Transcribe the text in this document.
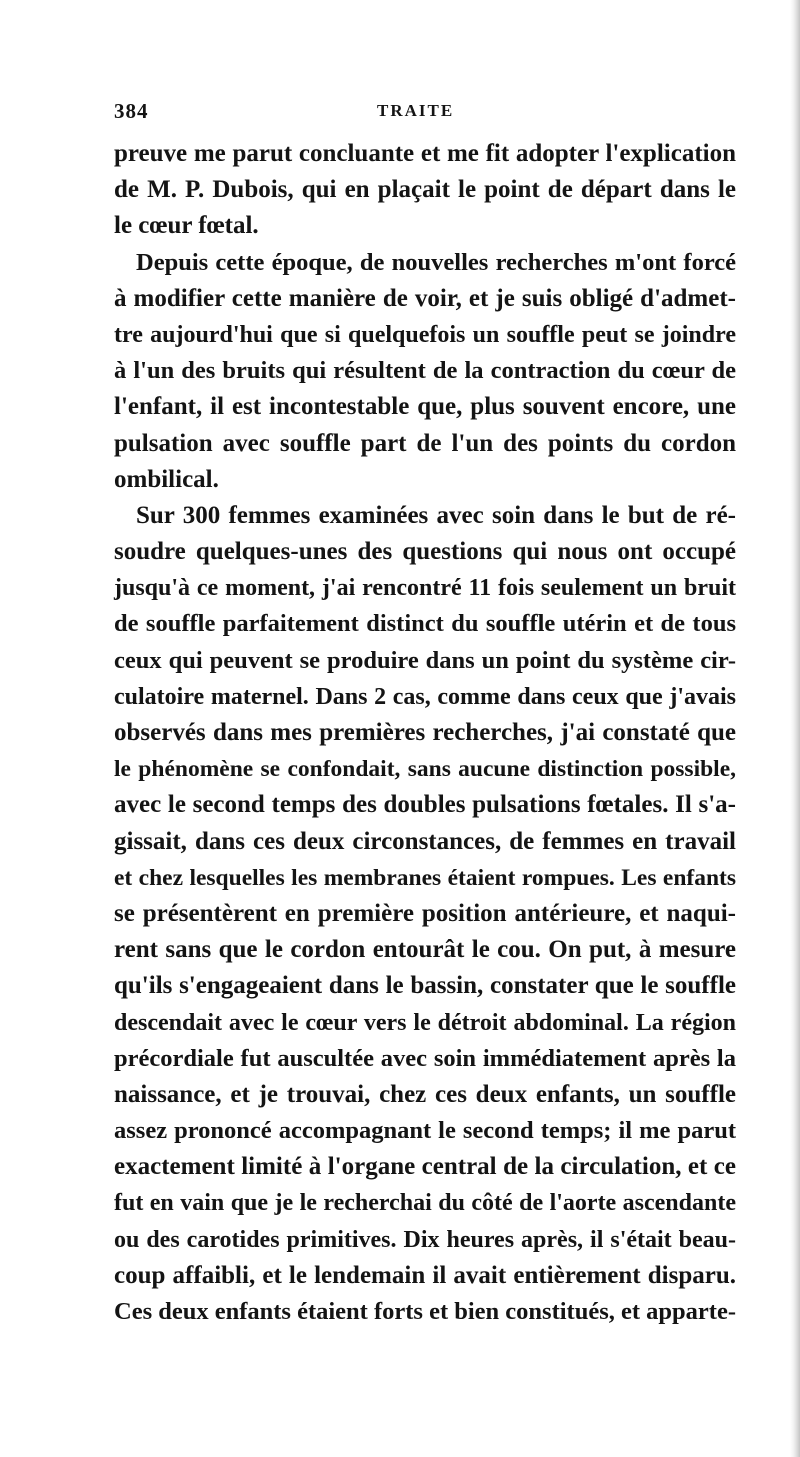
384	TRAITE
preuve me parut concluante et me fit adopter l'explication
de M. P. Dubois, qui en plaçait le point de départ dans le
le cœur fœtal.
Depuis cette époque, de nouvelles recherches m'ont forcé
à modifier cette manière de voir, et je suis obligé d'admet-
tre aujourd'hui que si quelquefois un souffle peut se joindre
à l'un des bruits qui résultent de la contraction du cœur de
l'enfant, il est incontestable que, plus souvent encore, une
pulsation avec souffle part de l'un des points du cordon
ombilical.
Sur 300 femmes examinées avec soin dans le but de ré-
soudre quelques-unes des questions qui nous ont occupé
jusqu'à ce moment, j'ai rencontré 11 fois seulement un bruit
de souffle parfaitement distinct du souffle utérin et de tous
ceux qui peuvent se produire dans un point du système cir-
culatoire maternel. Dans 2 cas, comme dans ceux que j'avais
observés dans mes premières recherches, j'ai constaté que
le phénomène se confondait, sans aucune distinction possible,
avec le second temps des doubles pulsations fœtales. Il s'a-
gissait, dans ces deux circonstances, de femmes en travail
et chez lesquelles les membranes étaient rompues. Les enfants
se présentèrent en première position antérieure, et naqui-
rent sans que le cordon entourât le cou. On put, à mesure
qu'ils s'engageaient dans le bassin, constater que le souffle
descendait avec le cœur vers le détroit abdominal. La région
précordiale fut auscultée avec soin immédiatement après la
naissance, et je trouvai, chez ces deux enfants, un souffle
assez prononcé accompagnant le second temps; il me parut
exactement limité à l'organe central de la circulation, et ce
fut en vain que je le recherchai du côté de l'aorte ascendante
ou des carotides primitives. Dix heures après, il s'était beau-
coup affaibli, et le lendemain il avait entièrement disparu.
Ces deux enfants étaient forts et bien constitués, et apparte-
